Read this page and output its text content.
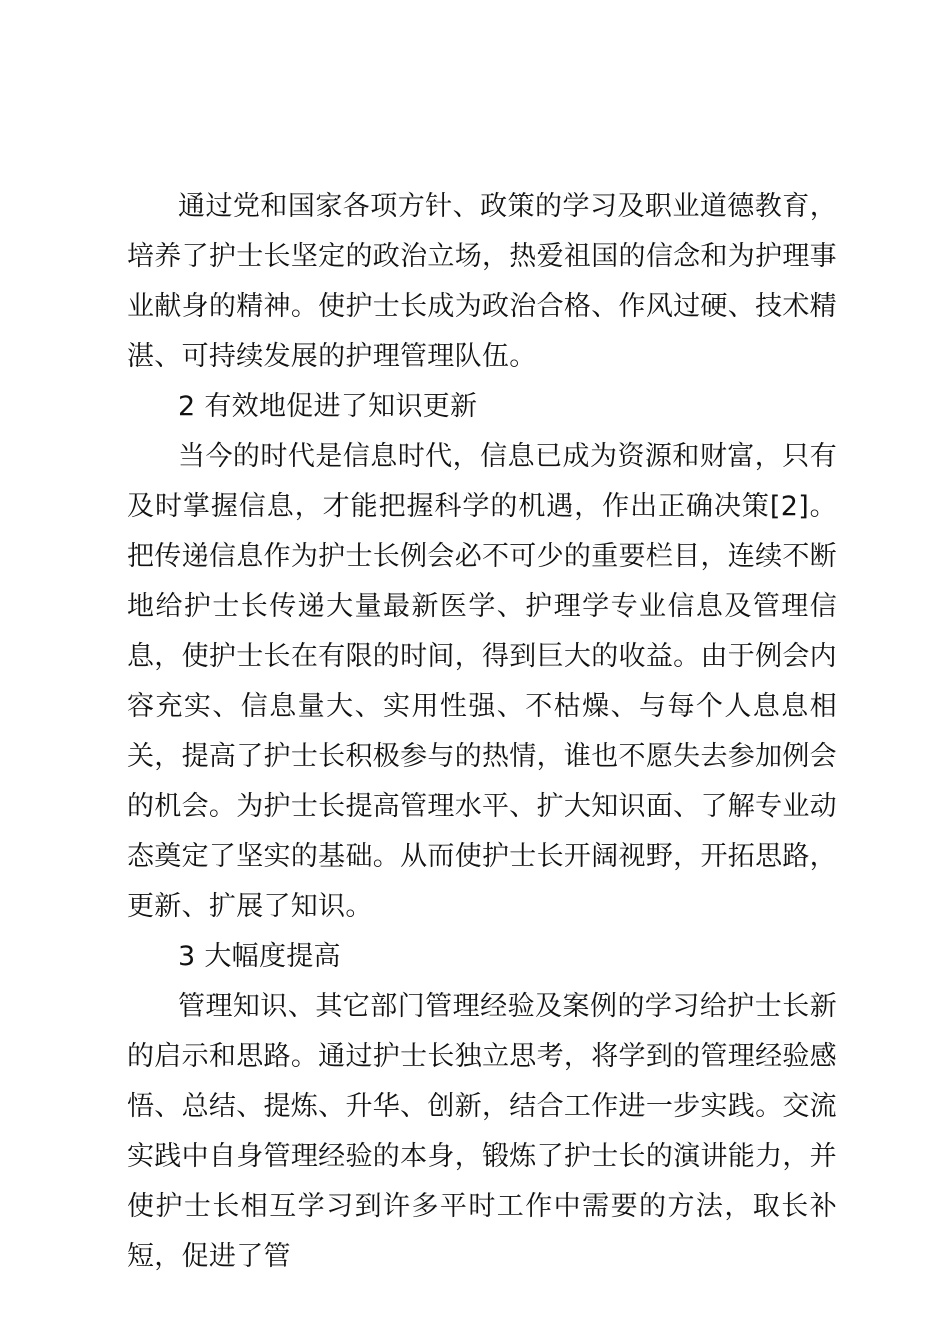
通过党和国家各项方针、政策的学习及职业道德教育，培养了护士长坚定的政治立场，热爱祖国的信念和为护理事业献身的精神。使护士长成为政治合格、作风过硬、技术精湛、可持续发展的护理管理队伍。

2 有效地促进了知识更新

当今的时代是信息时代，信息已成为资源和财富，只有及时掌握信息，才能把握科学的机遇，作出正确决策[2]。把传递信息作为护士长例会必不可少的重要栏目，连续不断地给护士长传递大量最新医学、护理学专业信息及管理信息，使护士长在有限的时间，得到巨大的收益。由于例会内容充实、信息量大、实用性强、不枯燥、与每个人息息相关，提高了护士长积极参与的热情，谁也不愿失去参加例会的机会。为护士长提高管理水平、扩大知识面、了解专业动态奠定了坚实的基础。从而使护士长开阔视野，开拓思路，更新、扩展了知识。

3 大幅度提高

管理知识、其它部门管理经验及案例的学习给护士长新的启示和思路。通过护士长独立思考，将学到的管理经验感悟、总结、提炼、升华、创新，结合工作进一步实践。交流实践中自身管理经验的本身，锻炼了护士长的演讲能力，并使护士长相互学习到许多平时工作中需要的方法，取长补短，促进了管
